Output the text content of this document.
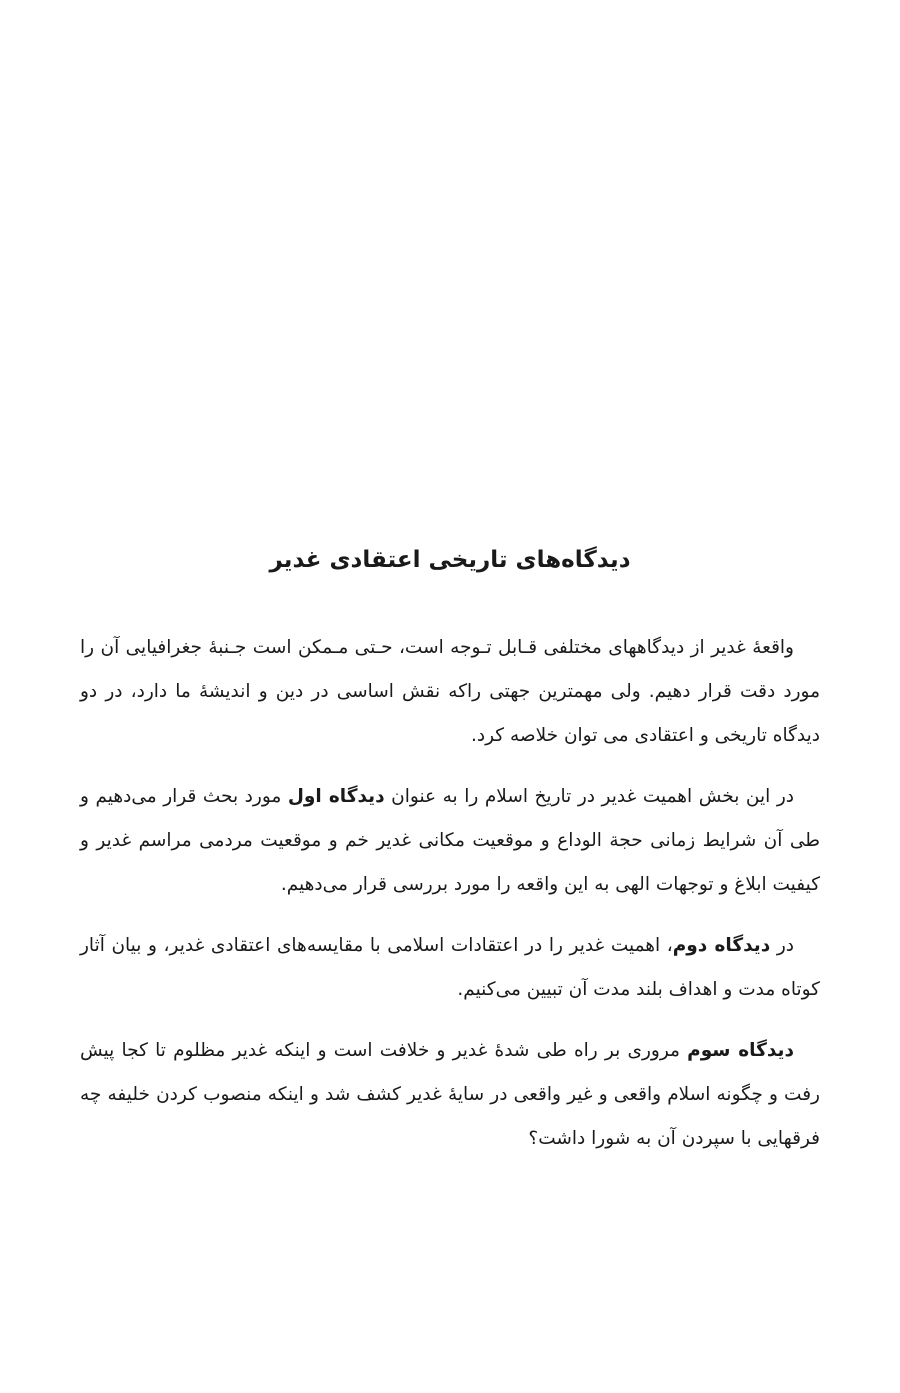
دیدگاه‌های تاریخی اعتقادی غدیر

واقعهٔ غدیر از دیدگاههای مختلفی قـابل تـوجه است، حـتی مـمکن است جـنبهٔ جغرافیایی آن را مورد دقت قرار دهیم. ولی مهمترین جهتی راکه نقش اساسی در دین و اندیشهٔ ما دارد، در دو دیدگاه تاریخی و اعتقادی می توان خلاصه کرد.

در این بخش اهمیت غدیر در تاریخ اسلام را به عنوان دیدگاه اول مورد بحث قرار می‌دهیم و طی آن شرایط زمانی حجة الوداع و موقعیت مکانی غدیر خم و موقعیت مردمی مراسم غدیر و کیفیت ابلاغ و توجهات الهی به این واقعه را مورد بررسی قرار می‌دهیم.

در دیدگاه دوم، اهمیت غدیر را در اعتقادات اسلامی با مقایسه‌های اعتقادی غدیر، و بیان آثار کوتاه مدت و اهداف بلند مدت آن تبیین می‌کنیم.

دیدگاه سوم مروری بر راه طی شدهٔ غدیر و خلافت است و اینکه غدیر مظلوم تا کجا پیش رفت و چگونه اسلام واقعی و غیر واقعی در سایهٔ غدیر کشف شد و اینکه منصوب کردن خلیفه چه فرقهایی با سپردن آن به شورا داشت؟
